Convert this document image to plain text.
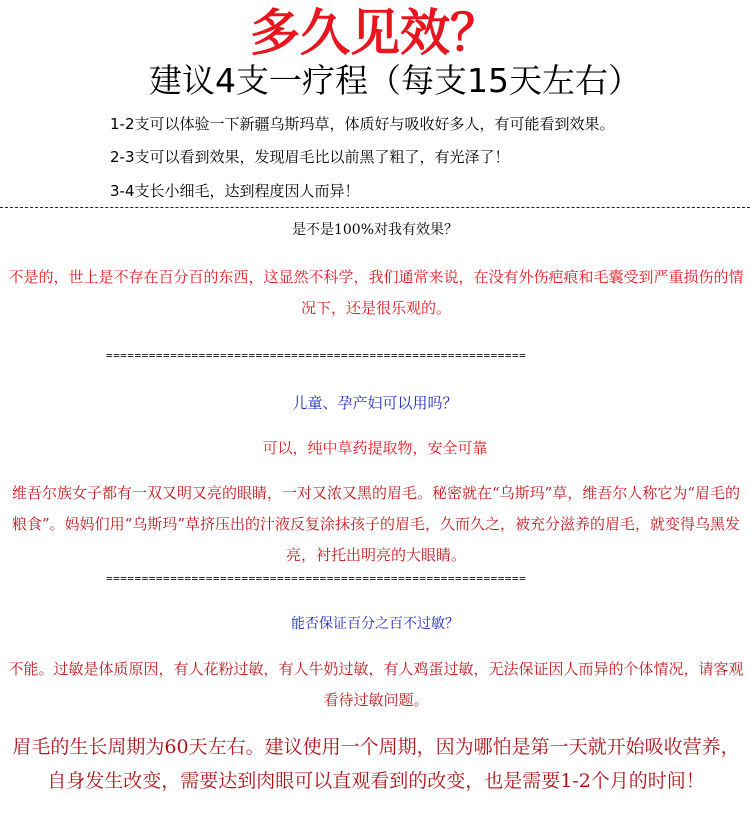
多久见效？
建议4支一疗程（每支15天左右）
1-2支可以体验一下新疆乌斯玛草，体质好与吸收好多人，有可能看到效果。
2-3支可以看到效果，发现眉毛比以前黑了粗了，有光泽了！
3-4支长小细毛，达到程度因人而异！
是不是100%对我有效果？
不是的，世上是不存在百分百的东西，这显然不科学，我们通常来说，在没有外伤疤痕和毛囊受到严重损伤的情况下，还是很乐观的。
===========================================================
儿童、孕产妇可以用吗？
可以，纯中草药提取物，安全可靠
维吾尔族女子都有一双又明又亮的眼睛，一对又浓又黑的眉毛。秘密就在“乌斯玛”草，维吾尔人称它为“眉毛的粮食”。妈妈们用“乌斯玛”草挤压出的汁液反复涂抹孩子的眉毛，久而久之，被充分滋养的眉毛，就变得乌黑发亮，衬托出明亮的大眼睛。
===========================================================
能否保证百分之百不过敏？
不能。过敏是体质原因，有人花粉过敏，有人牛奶过敏，有人鸡蛋过敏，无法保证因人而异的个体情况，请客观看待过敏问题。
眉毛的生长周期为60天左右。建议使用一个周期，因为哪怕是第一天就开始吸收营养，自身发生改变，需要达到肉眼可以直观看到的改变，也是需要1-2个月的时间！
